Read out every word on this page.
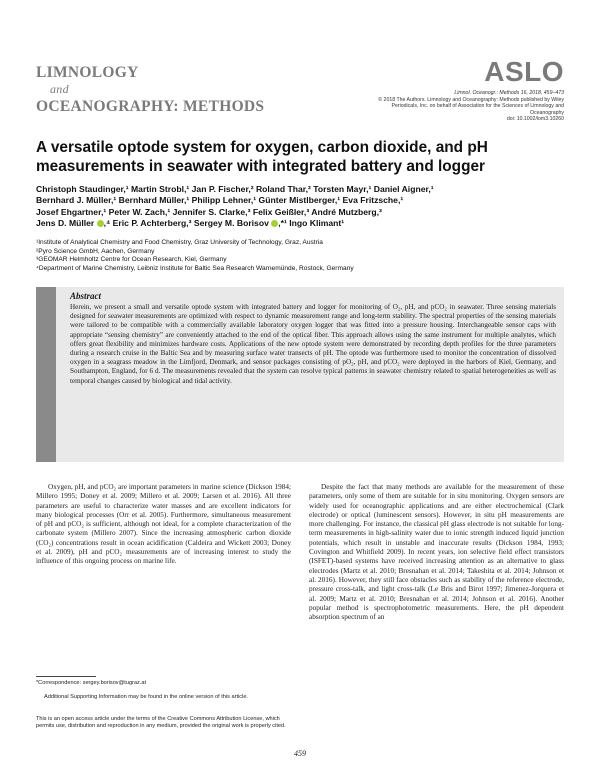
LIMNOLOGY
and
OCEANOGRAPHY: METHODS
ASLO
Limnol. Oceanogr.: Methods 16, 2018, 459–473
© 2018 The Authors. Limnology and Oceanography: Methods published by Wiley Periodicals, Inc. on behalf of Association for the Sciences of Limnology and Oceanography
doi: 10.1002/lom3.10260
A versatile optode system for oxygen, carbon dioxide, and pH measurements in seawater with integrated battery and logger
Christoph Staudinger,¹ Martin Strobl,¹ Jan P. Fischer,² Roland Thar,² Torsten Mayr,¹ Daniel Aigner,¹
Bernhard J. Müller,¹ Bernhard Müller,¹ Philipp Lehner,¹ Günter Mistlberger,¹ Eva Fritzsche,¹
Josef Ehgartner,¹ Peter W. Zach,¹ Jennifer S. Clarke,³ Felix Geißler,³ André Mutzberg,³
Jens D. Müller ,⁴ Eric P. Achterberg,³ Sergey M. Borisov ,*¹ Ingo Klimant¹
¹Institute of Analytical Chemistry and Food Chemistry, Graz University of Technology, Graz, Austria
²Pyro Science GmbH, Aachen, Germany
³GEOMAR Helmholtz Centre for Ocean Research, Kiel, Germany
⁴Department of Marine Chemistry, Leibniz Institute for Baltic Sea Research Warnemünde, Rostock, Germany
Abstract
Herein, we present a small and versatile optode system with integrated battery and logger for monitoring of O₂, pH, and pCO₂ in seawater. Three sensing materials designed for seawater measurements are optimized with respect to dynamic measurement range and long-term stability. The spectral properties of the sensing materials were tailored to be compatible with a commercially available laboratory oxygen logger that was fitted into a pressure housing. Interchangeable sensor caps with appropriate “sensing chemistry” are conveniently attached to the end of the optical fiber. This approach allows using the same instrument for multiple analytes, which offers great flexibility and minimizes hardware costs. Applications of the new optode system were demonstrated by recording depth profiles for the three parameters during a research cruise in the Baltic Sea and by measuring surface water transects of pH. The optode was furthermore used to monitor the concentration of dissolved oxygen in a seagrass meadow in the Limfjord, Denmark, and sensor packages consisting of pO₂, pH, and pCO₂ were deployed in the harbors of Kiel, Germany, and Southampton, England, for 6 d. The measurements revealed that the system can resolve typical patterns in seawater chemistry related to spatial heterogeneities as well as temporal changes caused by biological and tidal activity.
Oxygen, pH, and pCO₂ are important parameters in marine science (Dickson 1984; Millero 1995; Doney et al. 2009; Millero et al. 2009; Larsen et al. 2016). All three parameters are useful to characterize water masses and are excellent indicators for many biological processes (Orr et al. 2005). Furthermore, simultaneous measurement of pH and pCO₂ is sufficient, although not ideal, for a complete characterization of the carbonate system (Millero 2007). Since the increasing atmospheric carbon dioxide (CO₂) concentrations result in ocean acidification (Caldeira and Wickett 2003; Doney et al. 2009), pH and pCO₂ measurements are of increasing interest to study the influence of this ongoing process on marine life.
Despite the fact that many methods are available for the measurement of these parameters, only some of them are suitable for in situ monitoring. Oxygen sensors are widely used for oceanographic applications and are either electrochemical (Clark electrode) or optical (luminescent sensors). However, in situ pH measurements are more challenging. For instance, the classical pH glass electrode is not suitable for long-term measurements in high-salinity water due to ionic strength induced liquid junction potentials, which result in unstable and inaccurate results (Dickson 1984, 1993; Covington and Whitfield 2009). In recent years, ion selective field effect transistors (ISFET)-based systems have received increasing attention as an alternative to glass electrodes (Martz et al. 2010; Bresnahan et al. 2014; Takeshita et al. 2014; Johnson et al. 2016). However, they still face obstacles such as stability of the reference electrode, pressure cross-talk, and light cross-talk (Le Bris and Birot 1997; Jimenez-Jorquera et al. 2009; Martz et al. 2010; Bresnahan et al. 2014; Johnson et al. 2016). Another popular method is spectrophotometric measurements. Here, the pH dependent absorption spectrum of an
*Correspondence: sergey.borisov@tugraz.at
Additional Supporting Information may be found in the online version of this article.
This is an open access article under the terms of the Creative Commons Attribution License, which permits use, distribution and reproduction in any medium, provided the original work is properly cited.
459
